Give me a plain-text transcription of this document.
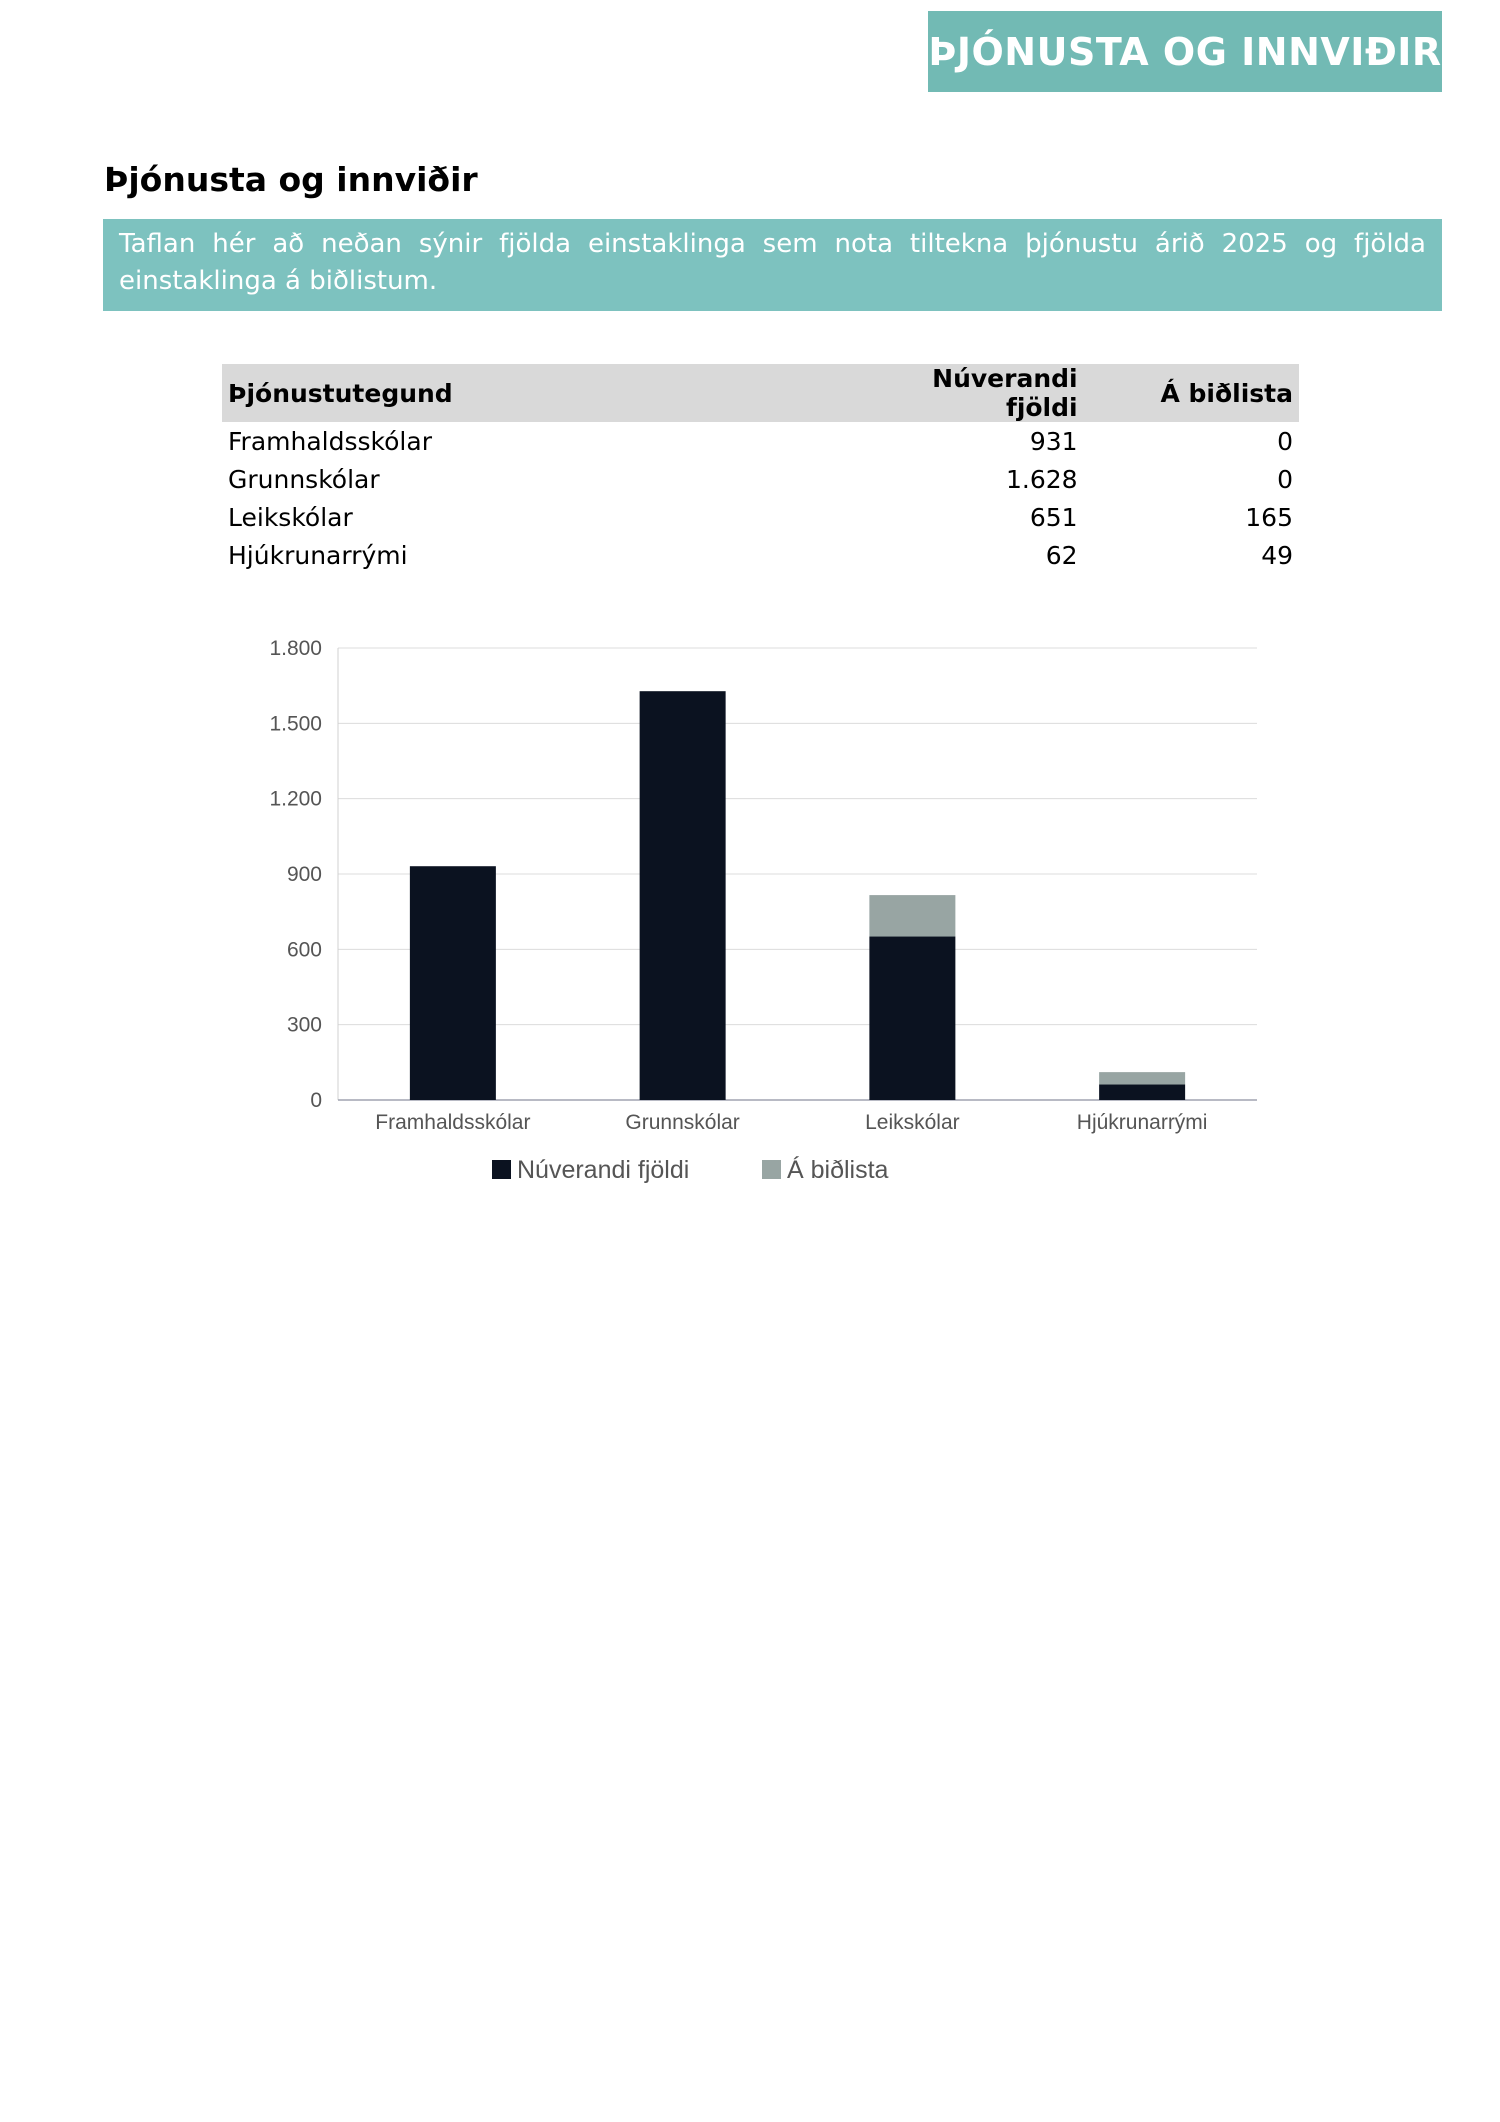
ÞJÓNUSTA OG INNVIÐIR
Þjónusta og innviðir
Taflan hér að neðan sýnir fjölda einstaklinga sem nota tiltekna þjónustu árið 2025 og fjölda einstaklinga á biðlistum.
Þjónustutegund	Núverandi fjöldi	Á biðlista
Framhaldsskólar	931	0
Grunnskólar	1.628	0
Leikskólar	651	165
Hjúkrunarrými	62	49
0
300
600
900
1.200
1.500
1.800
Framhaldsskólar	Grunnskólar	Leikskólar	Hjúkrunarrými
Núverandi fjöldi	Á biðlista
